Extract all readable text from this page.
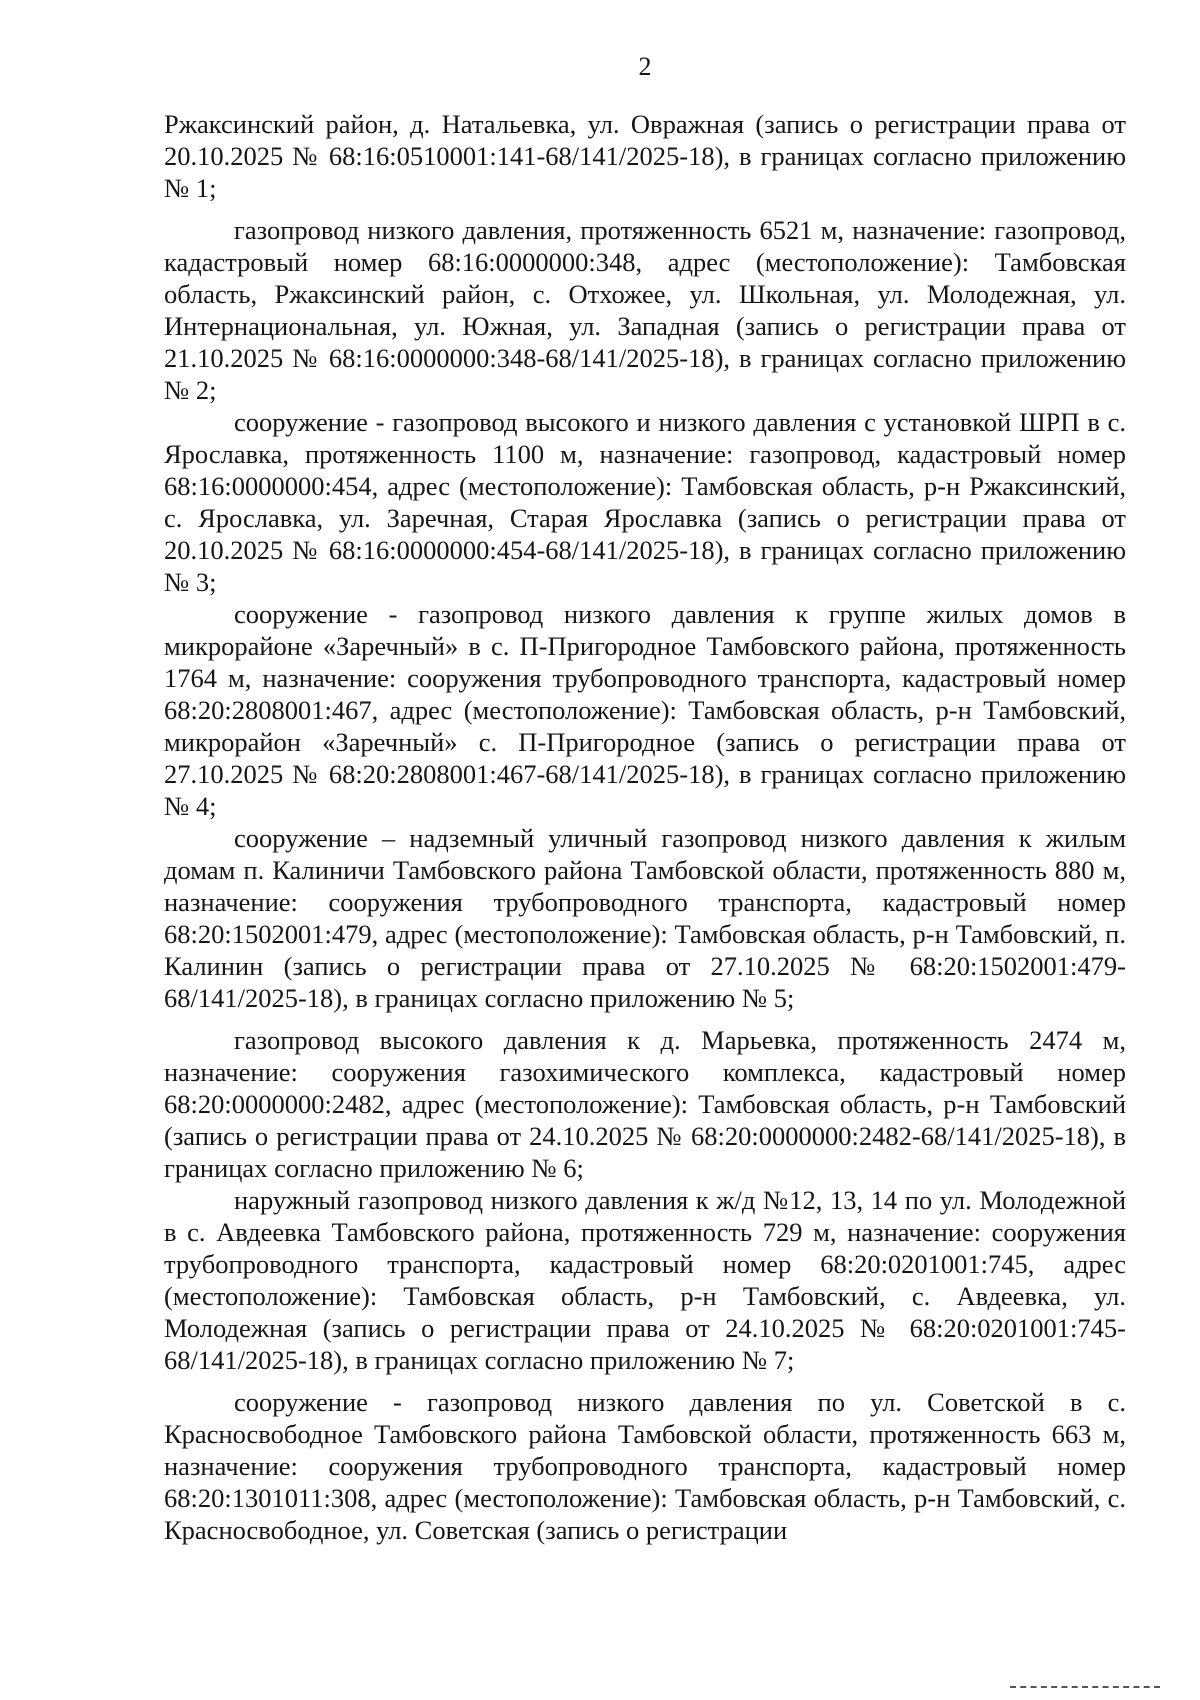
2

Ржаксинский район, д. Натальевка, ул. Овражная (запись о регистрации права от 20.10.2025 № 68:16:0510001:141-68/141/2025-18), в границах согласно приложению № 1;

газопровод низкого давления, протяженность 6521 м, назначение: газопровод, кадастровый номер 68:16:0000000:348, адрес (местоположение): Тамбовская область, Ржаксинский район, с. Отхожее, ул. Школьная, ул. Молодежная, ул. Интернациональная, ул. Южная, ул. Западная (запись о регистрации права от 21.10.2025 № 68:16:0000000:348-68/141/2025-18), в границах согласно приложению № 2;

сооружение - газопровод высокого и низкого давления с установкой ШРП в с. Ярославка, протяженность 1100 м, назначение: газопровод, кадастровый номер 68:16:0000000:454, адрес (местоположение): Тамбовская область, р-н Ржаксинский, с. Ярославка, ул. Заречная, Старая Ярославка (запись о регистрации права от 20.10.2025 № 68:16:0000000:454-68/141/2025-18), в границах согласно приложению № 3;

сооружение - газопровод низкого давления к группе жилых домов в микрорайоне «Заречный» в с. П-Пригородное Тамбовского района, протяженность 1764 м, назначение: сооружения трубопроводного транспорта, кадастровый номер 68:20:2808001:467, адрес (местоположение): Тамбовская область, р-н Тамбовский, микрорайон «Заречный» с. П-Пригородное (запись о регистрации права от 27.10.2025 № 68:20:2808001:467-68/141/2025-18), в границах согласно приложению № 4;

сооружение – надземный уличный газопровод низкого давления к жилым домам п. Калиничи Тамбовского района Тамбовской области, протяженность 880 м, назначение: сооружения трубопроводного транспорта, кадастровый номер 68:20:1502001:479, адрес (местоположение): Тамбовская область, р-н Тамбовский, п. Калинин (запись о регистрации права от 27.10.2025 № 68:20:1502001:479-68/141/2025-18), в границах согласно приложению № 5;

газопровод высокого давления к д. Марьевка, протяженность 2474 м, назначение: сооружения газохимического комплекса, кадастровый номер 68:20:0000000:2482, адрес (местоположение): Тамбовская область, р-н Тамбовский (запись о регистрации права от 24.10.2025 № 68:20:0000000:2482-68/141/2025-18), в границах согласно приложению № 6;

наружный газопровод низкого давления к ж/д №12, 13, 14 по ул. Молодежной в с. Авдеевка Тамбовского района, протяженность 729 м, назначение: сооружения трубопроводного транспорта, кадастровый номер 68:20:0201001:745, адрес (местоположение): Тамбовская область, р-н Тамбовский, с. Авдеевка, ул. Молодежная (запись о регистрации права от 24.10.2025 № 68:20:0201001:745-68/141/2025-18), в границах согласно приложению № 7;

сооружение - газопровод низкого давления по ул. Советской в с. Красносвободное Тамбовского района Тамбовской области, протяженность 663 м, назначение: сооружения трубопроводного транспорта, кадастровый номер 68:20:1301011:308, адрес (местоположение): Тамбовская область, р-н Тамбовский, с. Красносвободное, ул. Советская (запись о регистрации
